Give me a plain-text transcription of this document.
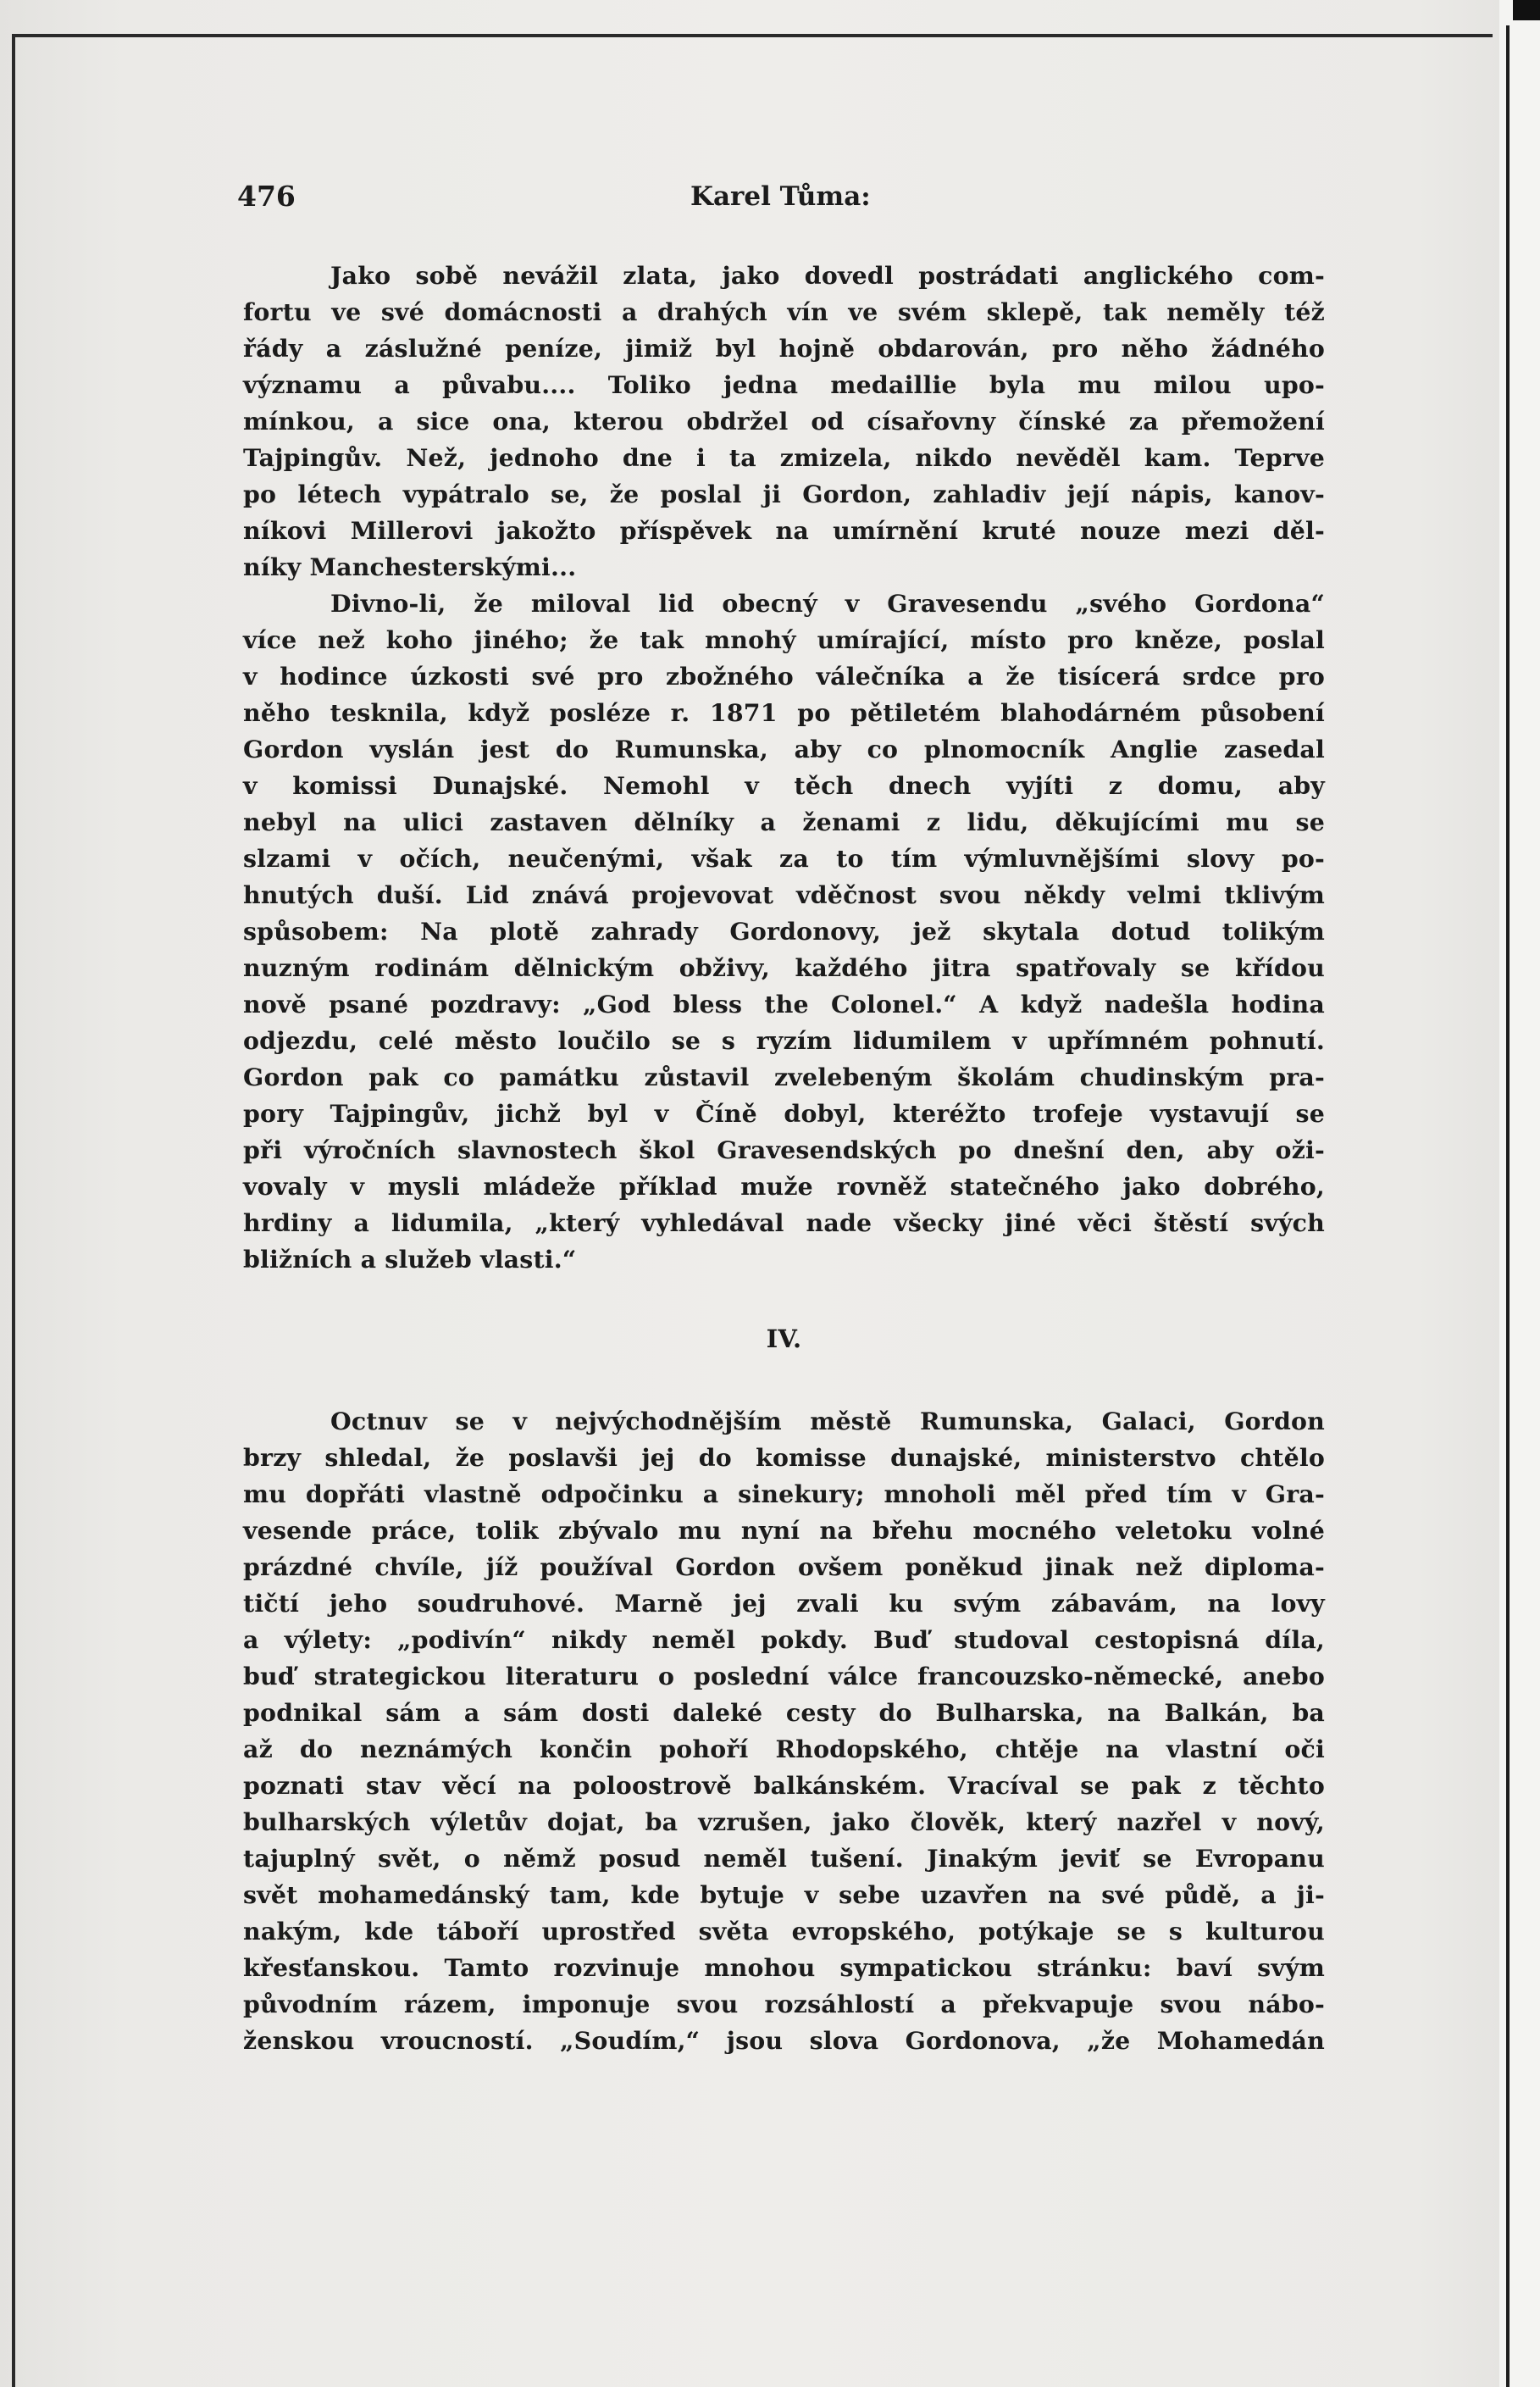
476	Karel Tůma:
Jako sobě nevážil zlata, jako dovedl postrádati anglického com-
fortu ve své domácnosti a drahých vín ve svém sklepě, tak neměly též
řády a záslužné peníze, jimiž byl hojně obdarován, pro něho žádného
významu a půvabu.... Toliko jedna medaillie byla mu milou upo-
mínkou, a sice ona, kterou obdržel od císařovny čínské za přemožení
Tajpingův. Než, jednoho dne i ta zmizela, nikdo nevěděl kam. Teprve
po létech vypátralo se, že poslal ji Gordon, zahladiv její nápis, kanov-
níkovi Millerovi jakožto příspěvek na umírnění kruté nouze mezi děl-
níky Manchesterskými...
Divno-li, že miloval lid obecný v Gravesendu „svého Gordona“
více než koho jiného; že tak mnohý umírající, místo pro kněze, poslal
v hodince úzkosti své pro zbožného válečníka a že tisícerá srdce pro
něho tesknila, když posléze r. 1871 po pětiletém blahodárném působení
Gordon vyslán jest do Rumunska, aby co plnomocník Anglie zasedal
v komissi Dunajské. Nemohl v těch dnech vyjíti z domu, aby
nebyl na ulici zastaven dělníky a ženami z lidu, děkujícími mu se
slzami v očích, neučenými, však za to tím výmluvnějšími slovy po-
hnutých duší. Lid znává projevovat vděčnost svou někdy velmi tklivým
spůsobem: Na plotě zahrady Gordonovy, jež skytala dotud tolikým
nuzným rodinám dělnickým obživy, každého jitra spatřovaly se křídou
nově psané pozdravy: „God bless the Colonel.“ A když nadešla hodina
odjezdu, celé město loučilo se s ryzím lidumilem v upřímném pohnutí.
Gordon pak co památku zůstavil zvelebeným školám chudinským pra-
pory Tajpingův, jichž byl v Číně dobyl, kteréžto trofeje vystavují se
při výročních slavnostech škol Gravesendských po dnešní den, aby oži-
vovaly v mysli mládeže příklad muže rovněž statečného jako dobrého,
hrdiny a lidumila, „který vyhledával nade všecky jiné věci štěstí svých
bližních a služeb vlasti.“
IV.
Octnuv se v nejvýchodnějším městě Rumunska, Galaci, Gordon
brzy shledal, že poslavši jej do komisse dunajské, ministerstvo chtělo
mu dopřáti vlastně odpočinku a sinekury; mnoholi měl před tím v Gra-
vesende práce, tolik zbývalo mu nyní na břehu mocného veletoku volné
prázdné chvíle, jíž používal Gordon ovšem poněkud jinak než diploma-
tičtí jeho soudruhové. Marně jej zvali ku svým zábavám, na lovy
a výlety: „podivín“ nikdy neměl pokdy. Buď studoval cestopisná díla,
buď strategickou literaturu o poslední válce francouzsko-německé, anebo
podnikal sám a sám dosti daleké cesty do Bulharska, na Balkán, ba
až do neznámých končin pohoří Rhodopského, chtěje na vlastní oči
poznati stav věcí na poloostrově balkánském. Vracíval se pak z těchto
bulharských výletův dojat, ba vzrušen, jako člověk, který nazřel v nový,
tajuplný svět, o němž posud neměl tušení. Jinakým jeviť se Evropanu
svět mohamedánský tam, kde bytuje v sebe uzavřen na své půdě, a ji-
nakým, kde táboří uprostřed světa evropského, potýkaje se s kulturou
křesťanskou. Tamto rozvinuje mnohou sympatickou stránku: baví svým
původním rázem, imponuje svou rozsáhlostí a překvapuje svou nábo-
ženskou vroucností. „Soudím,“ jsou slova Gordonova, „že Mohamedán
